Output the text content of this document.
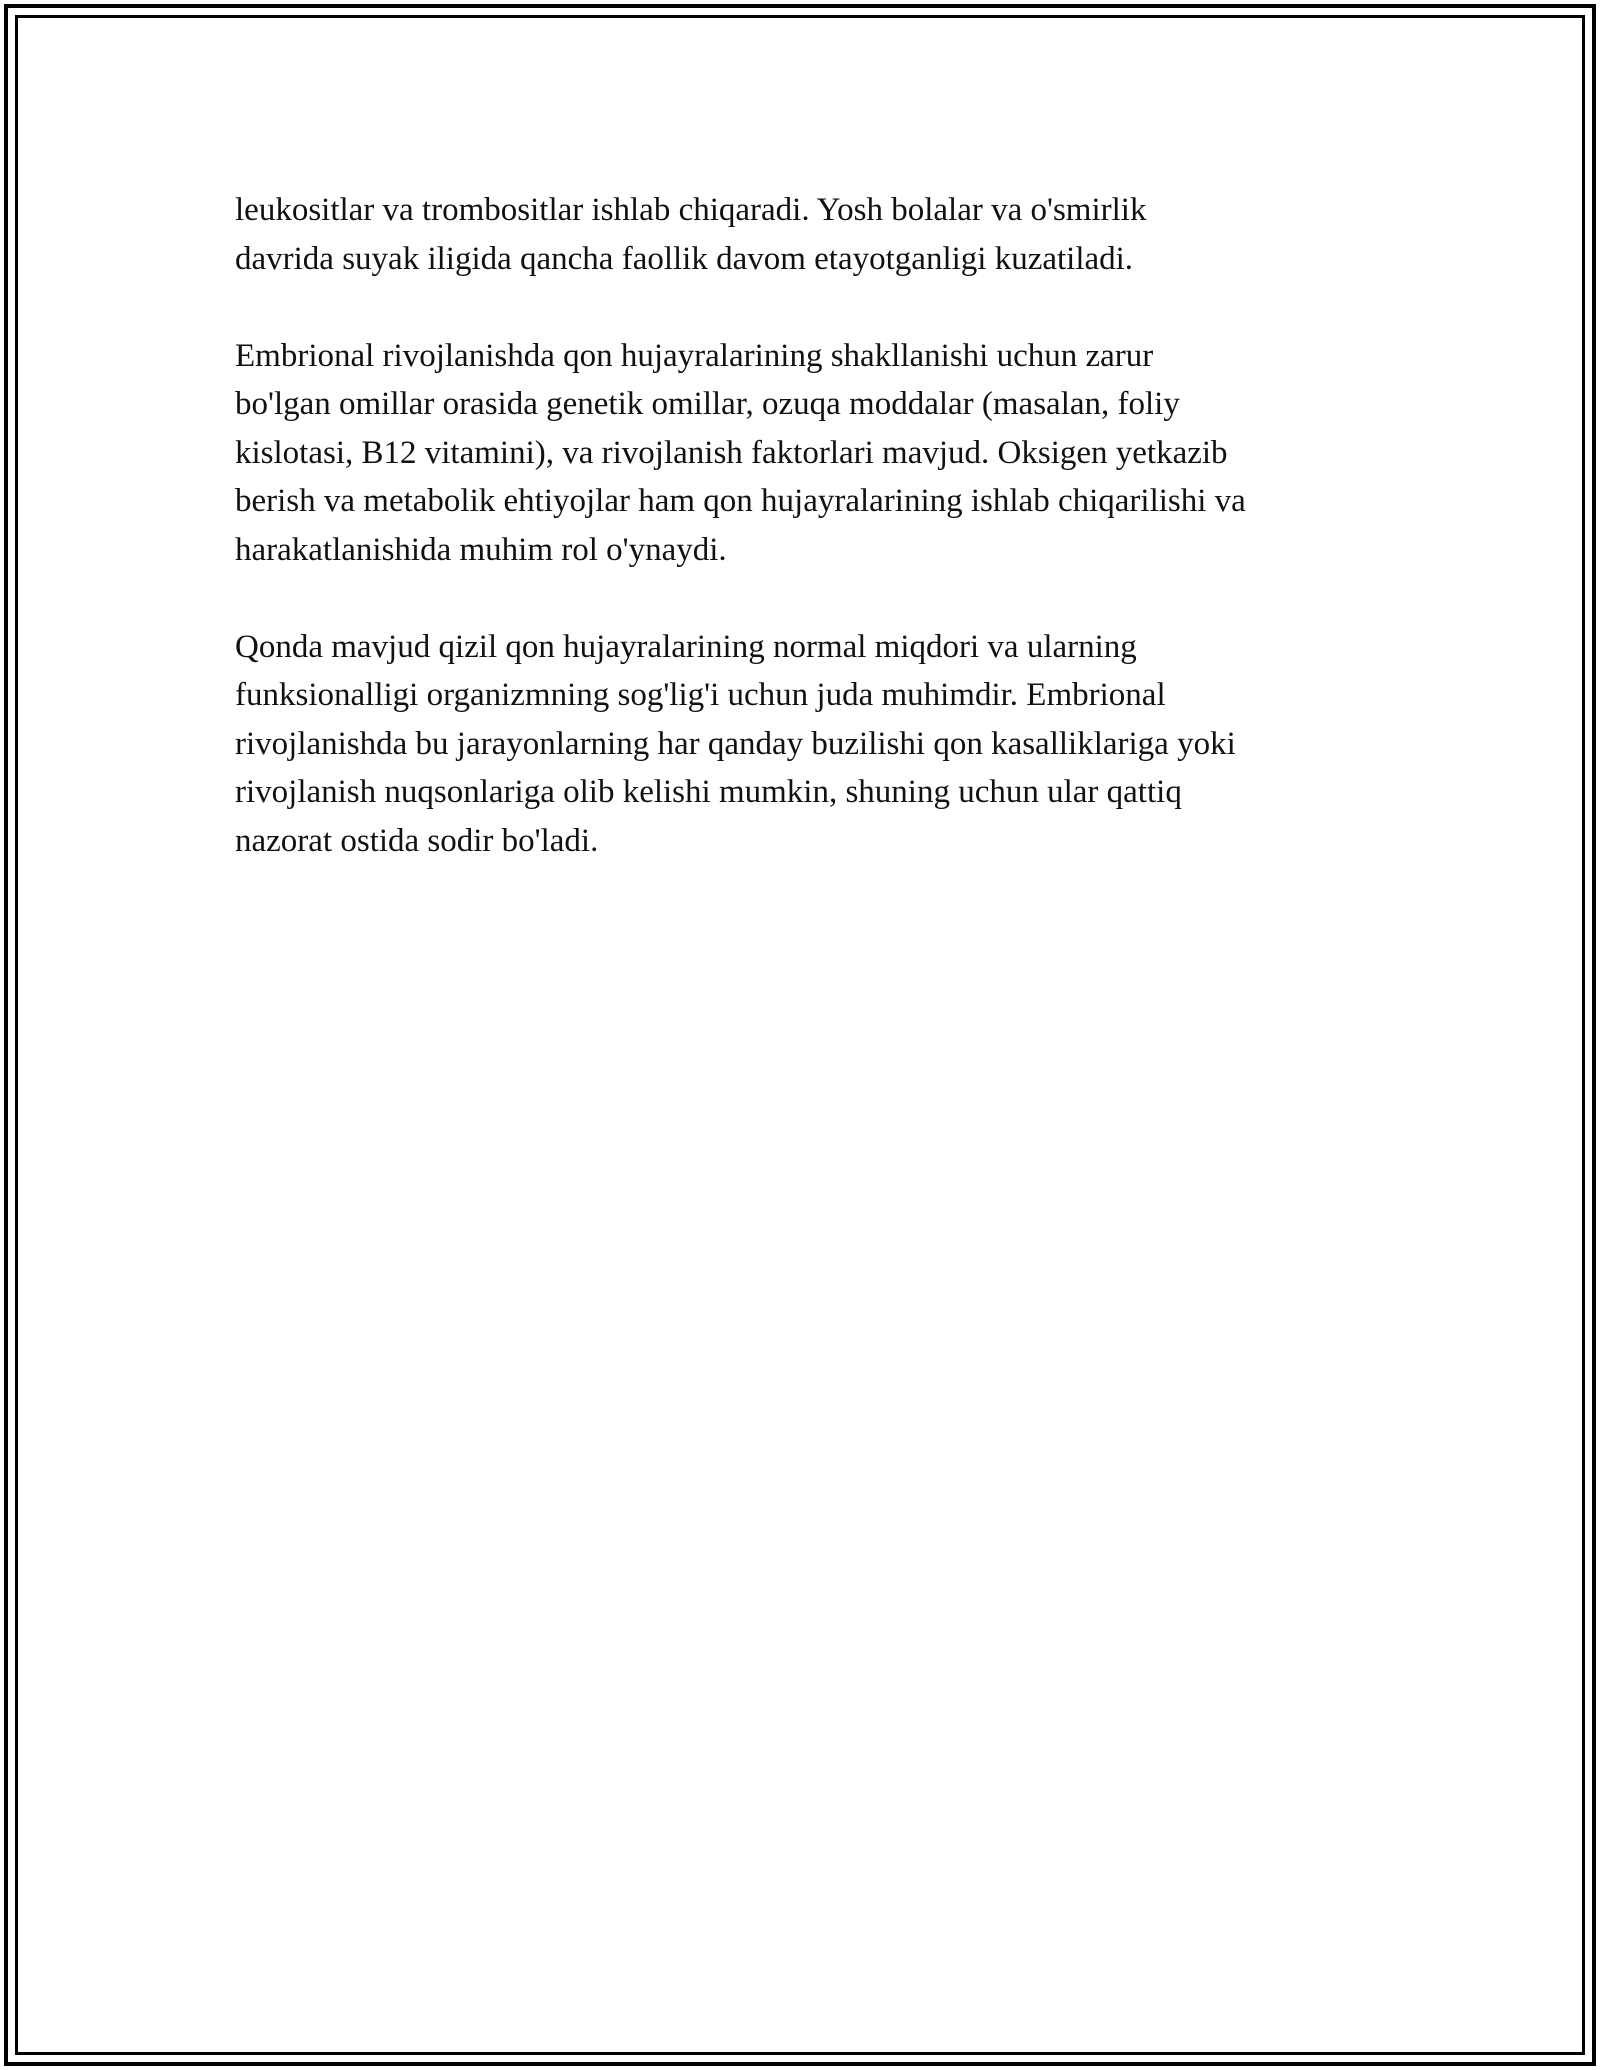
leukositlar va trombositlar ishlab chiqaradi. Yosh bolalar va o'smirlik
davrida suyak iligida qancha faollik davom etayotganligi kuzatiladi.

Embrional rivojlanishda qon hujayralarining shakllanishi uchun zarur
bo'lgan omillar orasida genetik omillar, ozuqa moddalar (masalan, foliy
kislotasi, B12 vitamini), va rivojlanish faktorlari mavjud. Oksigen yetkazib
berish va metabolik ehtiyojlar ham qon hujayralarining ishlab chiqarilishi va
harakatlanishida muhim rol o'ynaydi.

Qonda mavjud qizil qon hujayralarining normal miqdori va ularning
funksionalligi organizmning sog'lig'i uchun juda muhimdir. Embrional
rivojlanishda bu jarayonlarning har qanday buzilishi qon kasalliklariga yoki
rivojlanish nuqsonlariga olib kelishi mumkin, shuning uchun ular qattiq
nazorat ostida sodir bo'ladi.
